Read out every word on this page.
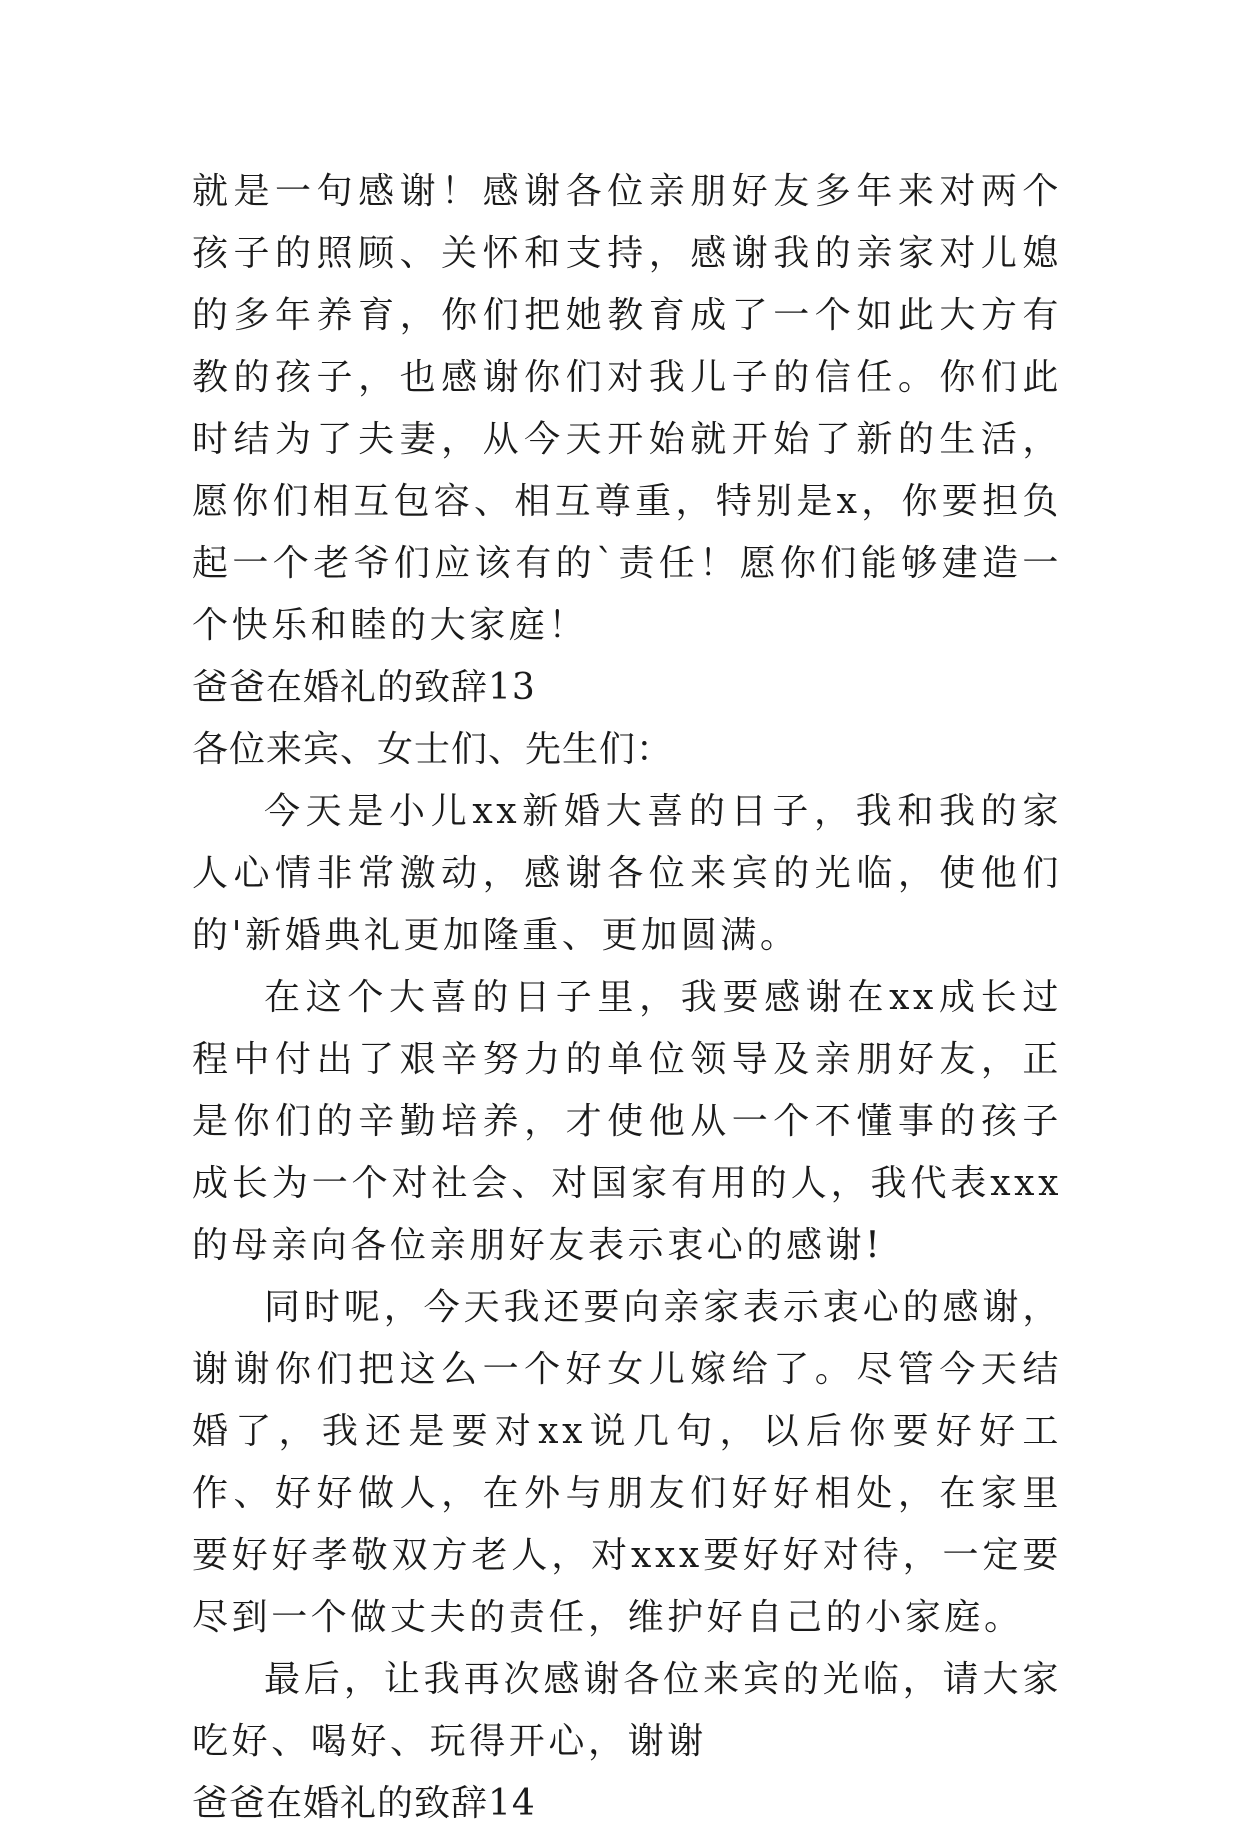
就是一句感谢！感谢各位亲朋好友多年来对两个孩子的照顾、关怀和支持，感谢我的亲家对儿媳的多年养育，你们把她教育成了一个如此大方有教的孩子，也感谢你们对我儿子的信任。你们此时结为了夫妻，从今天开始就开始了新的生活，愿你们相互包容、相互尊重，特别是x，你要担负起一个老爷们应该有的`责任！愿你们能够建造一个快乐和睦的大家庭！

爸爸在婚礼的致辞13

各位来宾、女士们、先生们：

今天是小儿xx新婚大喜的日子，我和我的家人心情非常激动，感谢各位来宾的光临，使他们的'新婚典礼更加隆重、更加圆满。

在这个大喜的日子里，我要感谢在xx成长过程中付出了艰辛努力的单位领导及亲朋好友，正是你们的辛勤培养，才使他从一个不懂事的孩子成长为一个对社会、对国家有用的人，我代表xxx的母亲向各位亲朋好友表示衷心的感谢!

同时呢，今天我还要向亲家表示衷心的感谢，谢谢你们把这么一个好女儿嫁给了。尽管今天结婚了，我还是要对xx说几句，以后你要好好工作、好好做人，在外与朋友们好好相处，在家里要好好孝敬双方老人，对xxx要好好对待，一定要尽到一个做丈夫的责任，维护好自己的小家庭。

最后，让我再次感谢各位来宾的光临，请大家吃好、喝好、玩得开心，谢谢

爸爸在婚礼的致辞14
